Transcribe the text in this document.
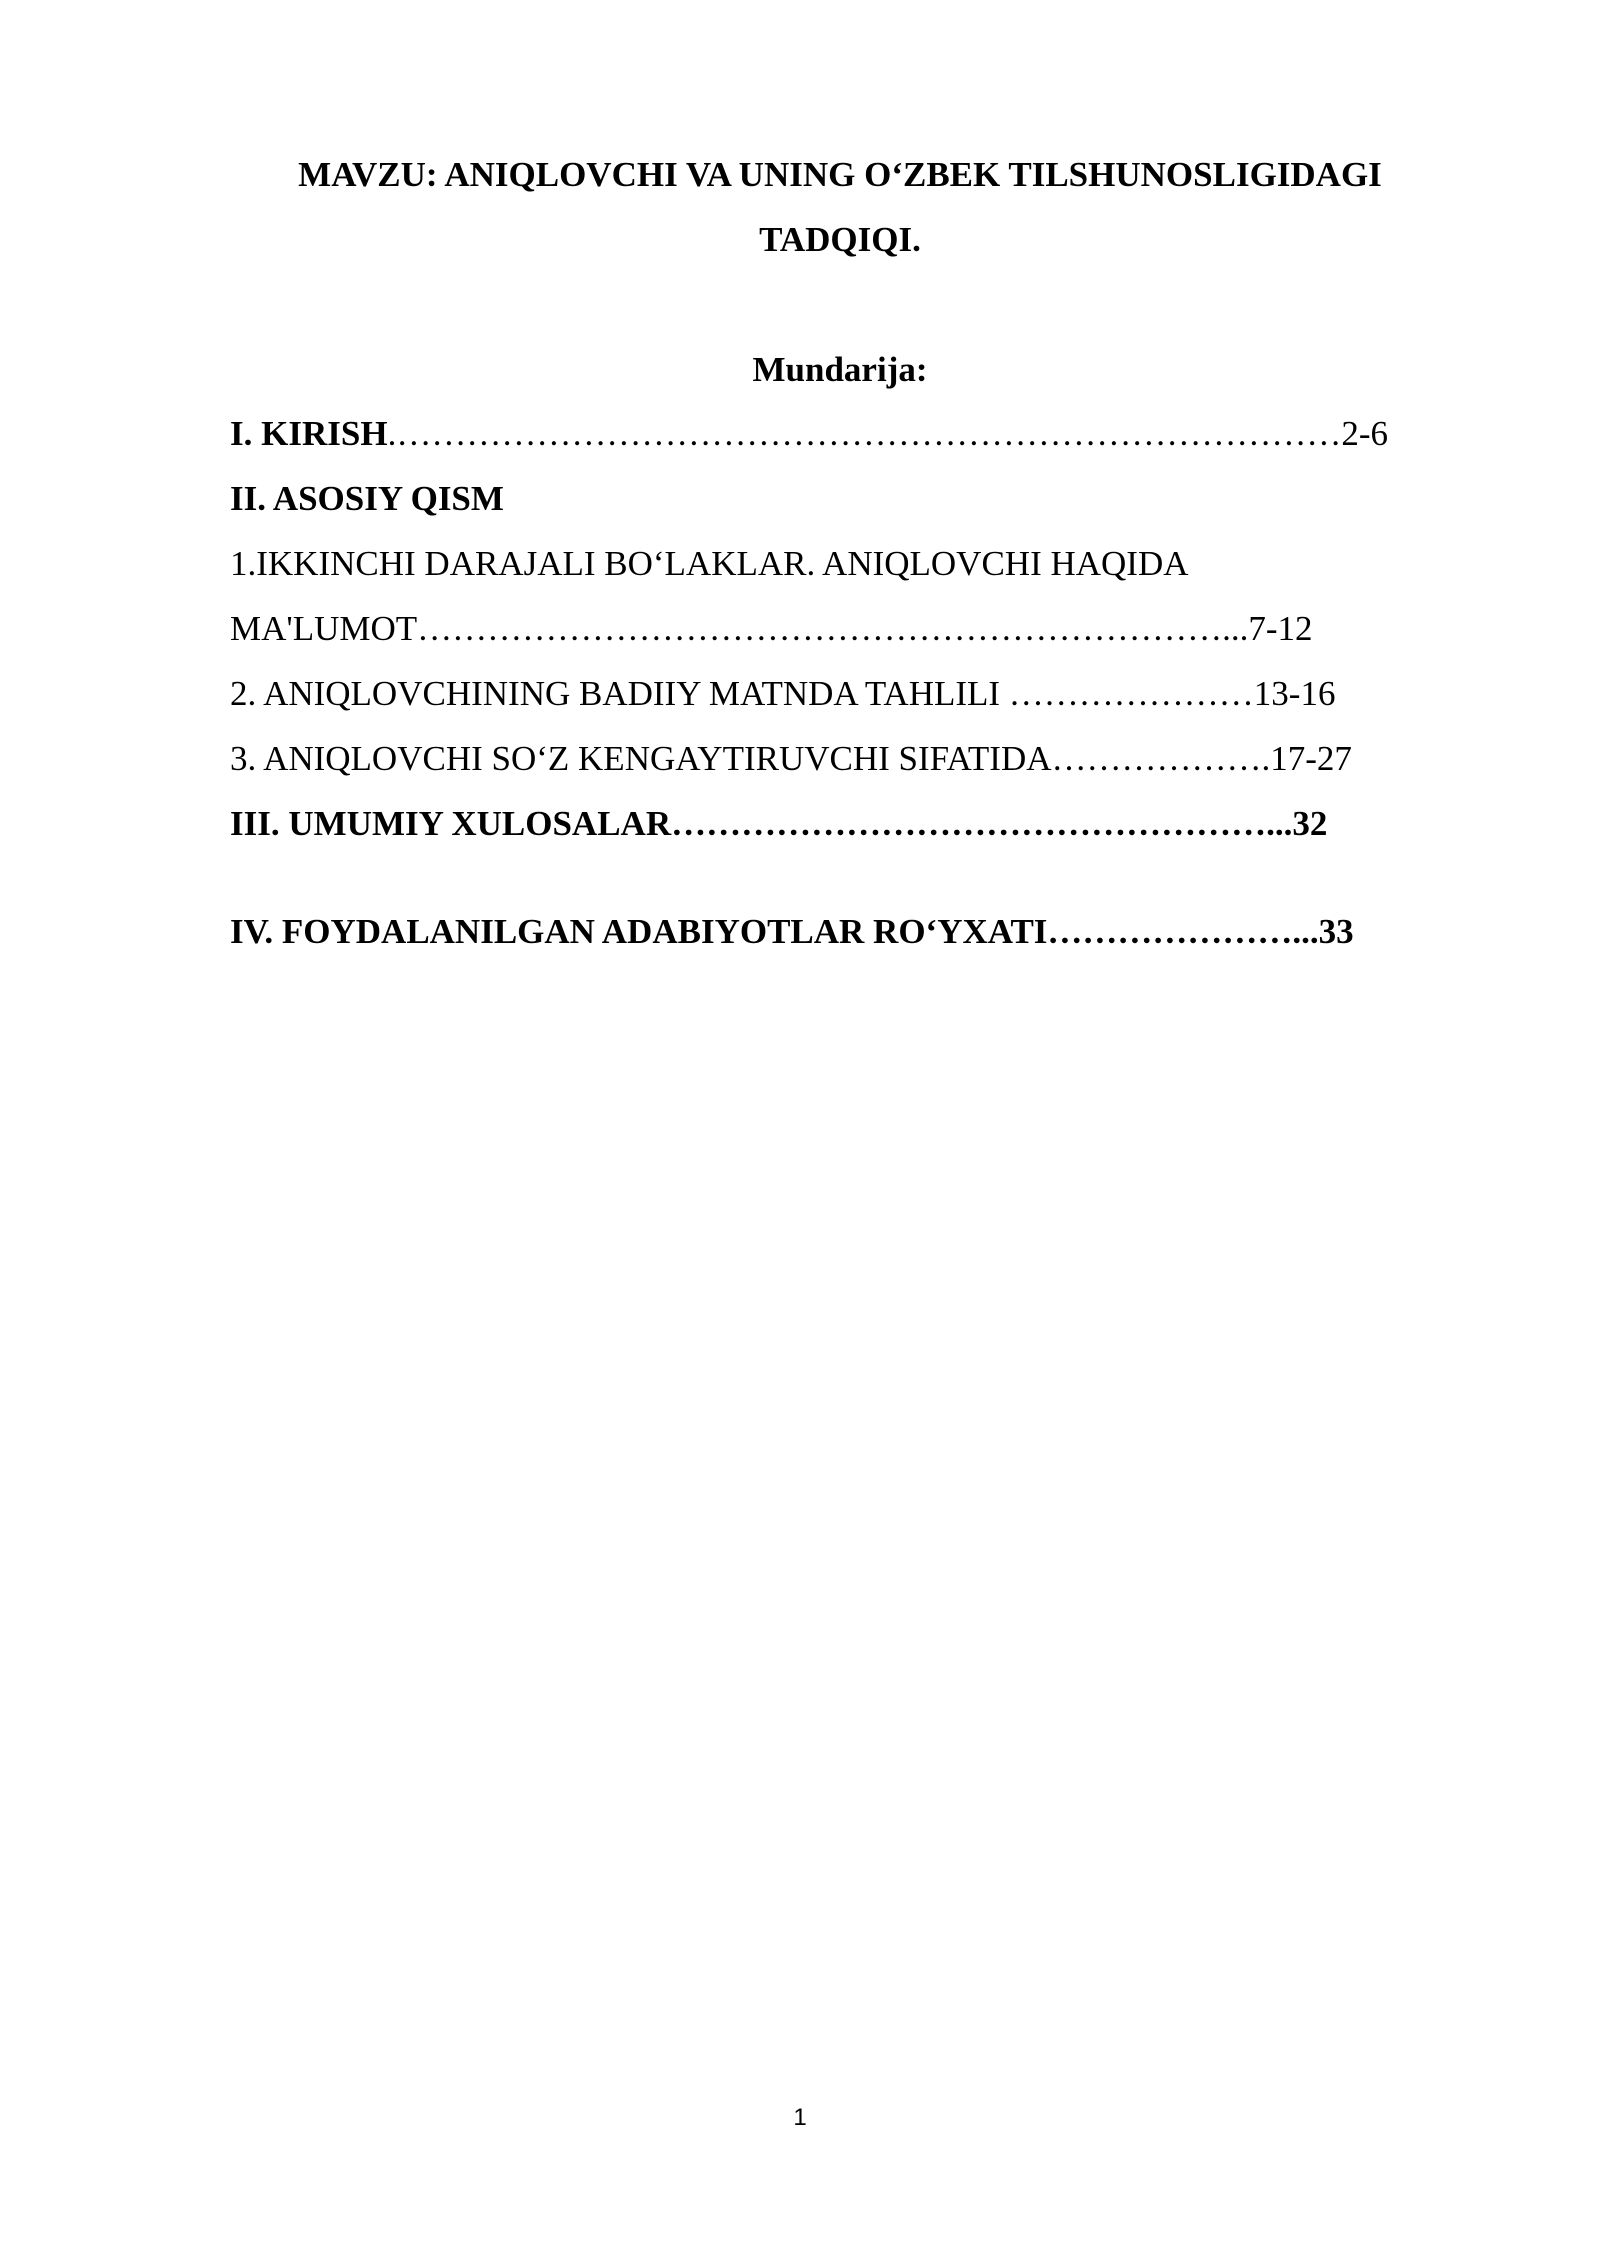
MAVZU: ANIQLOVCHI VA UNING O‘ZBEK TILSHUNOSLIGIDAGI
TADQIQI.
Mundarija:
I. KIRISH.………………………………………………………………………2-6
II. ASOSIY QISM
1.IKKINCHI DARAJALI BO‘LAKLAR. ANIQLOVCHI HAQIDA
MA'LUMOT……………………………………………………………...7-12
2. ANIQLOVCHINING BADIIY MATNDA TAHLILI …………………13-16
3. ANIQLOVCHI SO‘Z KENGAYTIRUVCHI SIFATIDA……………….17-27
III. UMUMIY XULOSALAR……………………………………………...32
IV. FOYDALANILGAN ADABIYOTLAR RO‘YXATI…………………...33
1
